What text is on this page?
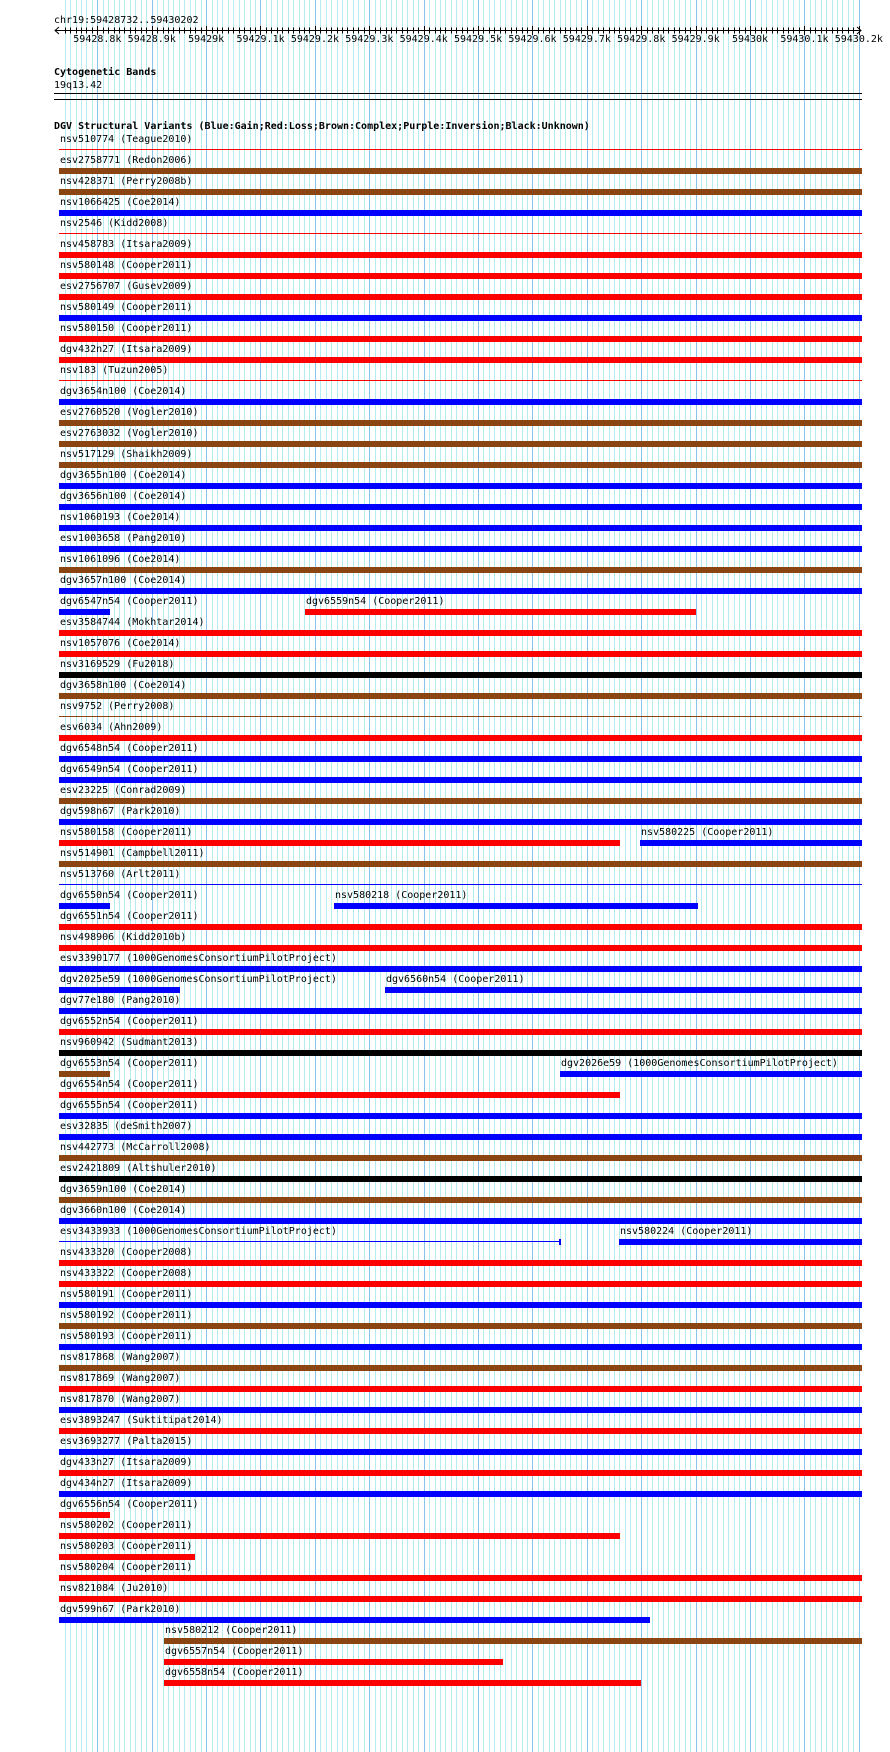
chr19:59428732..59430202
59428.8k 59428.9k 59429k 59429.1k 59429.2k 59429.3k 59429.4k 59429.5k 59429.6k 59429.7k 59429.8k 59429.9k 59430k 59430.1k 59430.2k
Cytogenetic Bands
19q13.42
DGV Structural Variants (Blue:Gain;Red:Loss;Brown:Complex;Purple:Inversion;Black:Unknown)
nsv510774 (Teague2010)
esv2758771 (Redon2006)
nsv428371 (Perry2008b)
nsv1066425 (Coe2014)
nsv2546 (Kidd2008)
nsv458783 (Itsara2009)
nsv580148 (Cooper2011)
esv2756707 (Gusev2009)
nsv580149 (Cooper2011)
nsv580150 (Cooper2011)
dgv432n27 (Itsara2009)
nsv183 (Tuzun2005)
dgv3654n100 (Coe2014)
esv2760520 (Vogler2010)
esv2763032 (Vogler2010)
nsv517129 (Shaikh2009)
dgv3655n100 (Coe2014)
dgv3656n100 (Coe2014)
nsv1060193 (Coe2014)
esv1003658 (Pang2010)
nsv1061096 (Coe2014)
dgv3657n100 (Coe2014)
dgv6547n54 (Cooper2011)	dgv6559n54 (Cooper2011)
esv3584744 (Mokhtar2014)
nsv1057076 (Coe2014)
nsv3169529 (Fu2018)
dgv3658n100 (Coe2014)
nsv9752 (Perry2008)
esv6034 (Ahn2009)
dgv6548n54 (Cooper2011)
dgv6549n54 (Cooper2011)
esv23225 (Conrad2009)
dgv598n67 (Park2010)
nsv580158 (Cooper2011)	nsv580225 (Cooper2011)
nsv514901 (Campbell2011)
nsv513760 (Arlt2011)
dgv6550n54 (Cooper2011)	nsv580218 (Cooper2011)
dgv6551n54 (Cooper2011)
nsv498906 (Kidd2010b)
esv3390177 (1000GenomesConsortiumPilotProject)
dgv2025e59 (1000GenomesConsortiumPilotProject)	dgv6560n54 (Cooper2011)
dgv77e180 (Pang2010)
dgv6552n54 (Cooper2011)
nsv960942 (Sudmant2013)
dgv6553n54 (Cooper2011)	dgv2026e59 (1000GenomesConsortiumPilotProject)
dgv6554n54 (Cooper2011)
dgv6555n54 (Cooper2011)
esv32835 (deSmith2007)
nsv442773 (McCarroll2008)
esv2421809 (Altshuler2010)
dgv3659n100 (Coe2014)
dgv3660n100 (Coe2014)
esv3433933 (1000GenomesConsortiumPilotProject)	nsv580224 (Cooper2011)
nsv433320 (Cooper2008)
nsv433322 (Cooper2008)
nsv580191 (Cooper2011)
nsv580192 (Cooper2011)
nsv580193 (Cooper2011)
nsv817868 (Wang2007)
nsv817869 (Wang2007)
nsv817870 (Wang2007)
esv3893247 (Suktitipat2014)
esv3693277 (Palta2015)
dgv433n27 (Itsara2009)
dgv434n27 (Itsara2009)
dgv6556n54 (Cooper2011)
nsv580202 (Cooper2011)
nsv580203 (Cooper2011)
nsv580204 (Cooper2011)
nsv821084 (Ju2010)
dgv599n67 (Park2010)
nsv580212 (Cooper2011)
dgv6557n54 (Cooper2011)
dgv6558n54 (Cooper2011)
